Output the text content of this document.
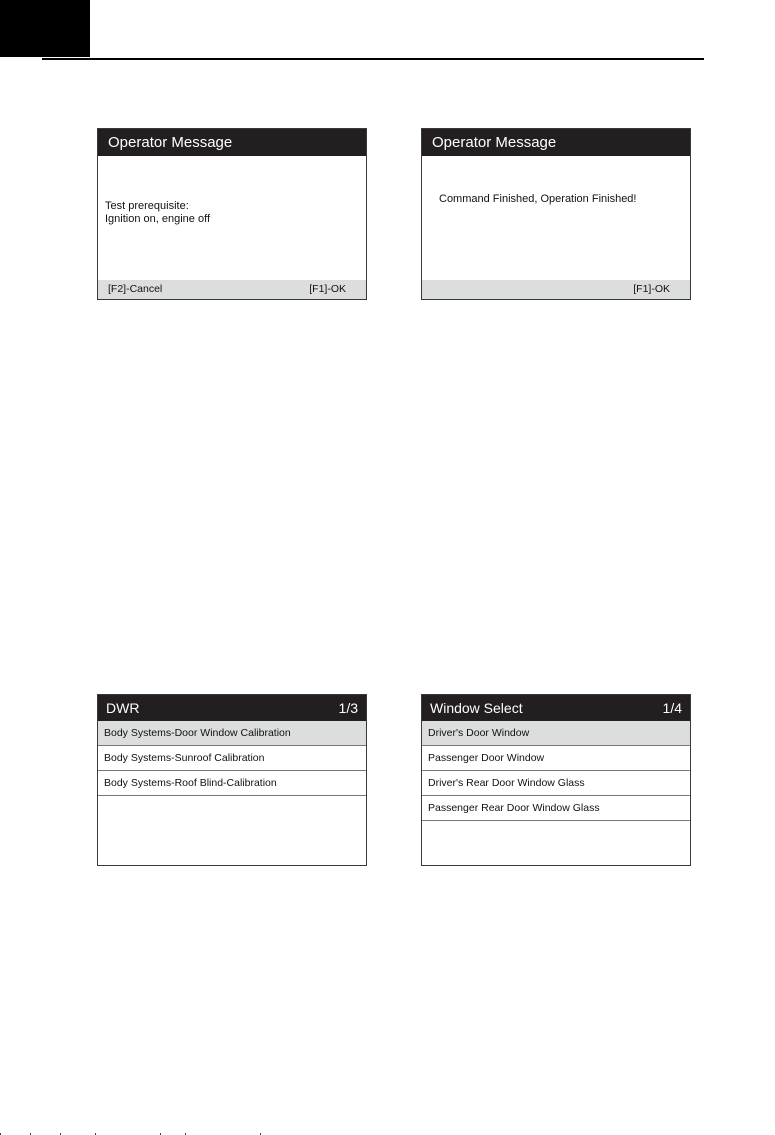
Operator Message
Test prerequisite:
Ignition on, engine off
[F2]-Cancel	[F1]-OK
Operator Message
Command Finished, Operation Finished!
[F1]-OK
DWR	1/3
Body Systems-Door Window Calibration
Body Systems-Sunroof Calibration
Body Systems-Roof Blind-Calibration
Window Select	1/4
Driver's Door Window
Passenger Door Window
Driver's Rear Door Window Glass
Passenger Rear Door Window Glass
